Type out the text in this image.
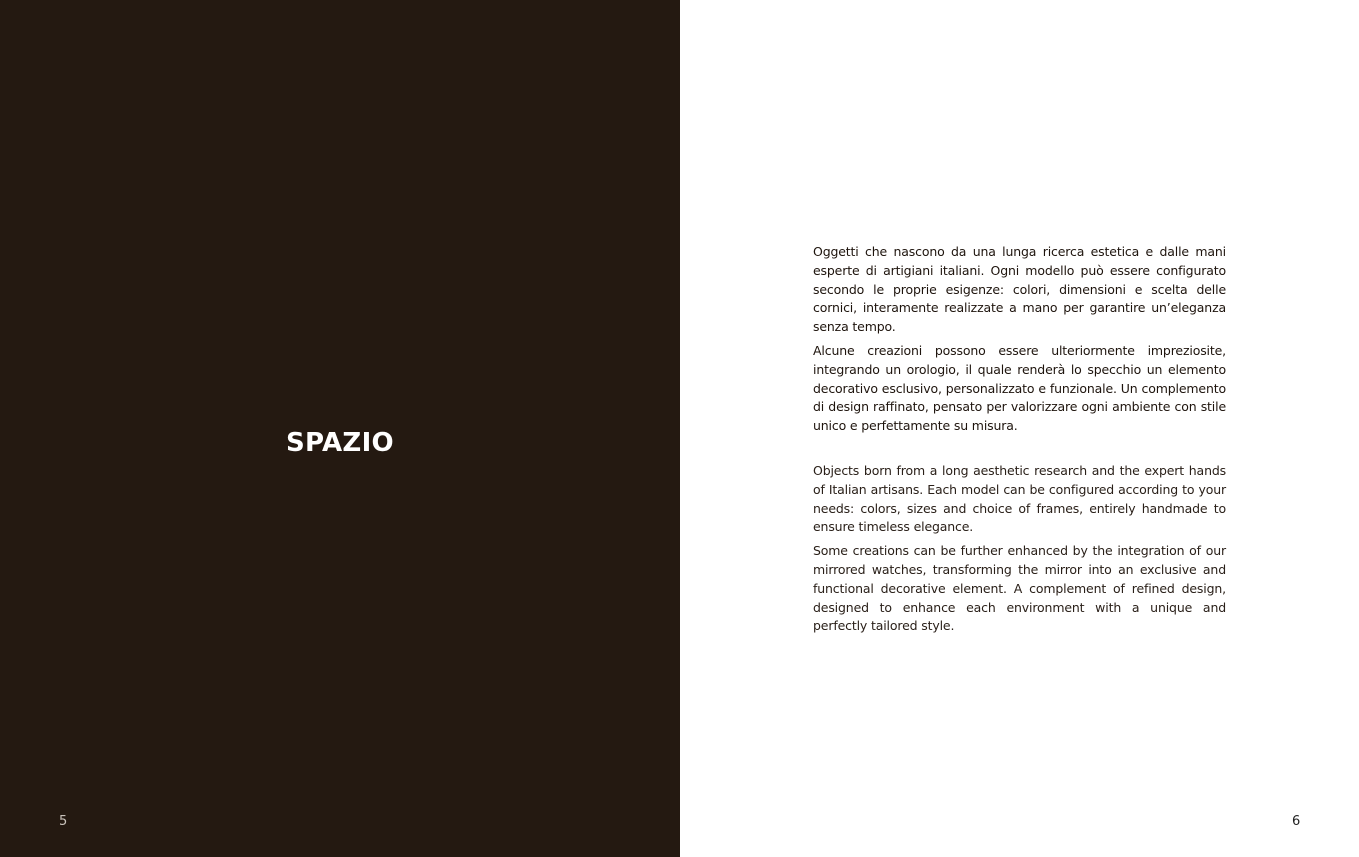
SPAZIO
5

Oggetti che nascono da una lunga ricerca estetica e dalle mani esperte di artigiani italiani. Ogni modello può essere configurato secondo le proprie esigenze: colori, dimensioni e scelta delle cornici, interamente realizzate a mano per garantire un’eleganza senza tempo.

Alcune creazioni possono essere ulteriormente impreziosite, integrando un orologio, il quale renderà lo specchio un elemento decorativo esclusivo, personalizzato e funzionale. Un complemento di design raffinato, pensato per valorizzare ogni ambiente con stile unico e perfettamente su misura.

Objects born from a long aesthetic research and the expert hands of Italian artisans. Each model can be configured according to your needs: colors, sizes and choice of frames, entirely handmade to ensure timeless elegance.

Some creations can be further enhanced by the integration of our mirrored watches, transforming the mirror into an exclusive and functional decorative element. A complement of refined design, designed to enhance each environment with a unique and perfectly tailored style.

6
